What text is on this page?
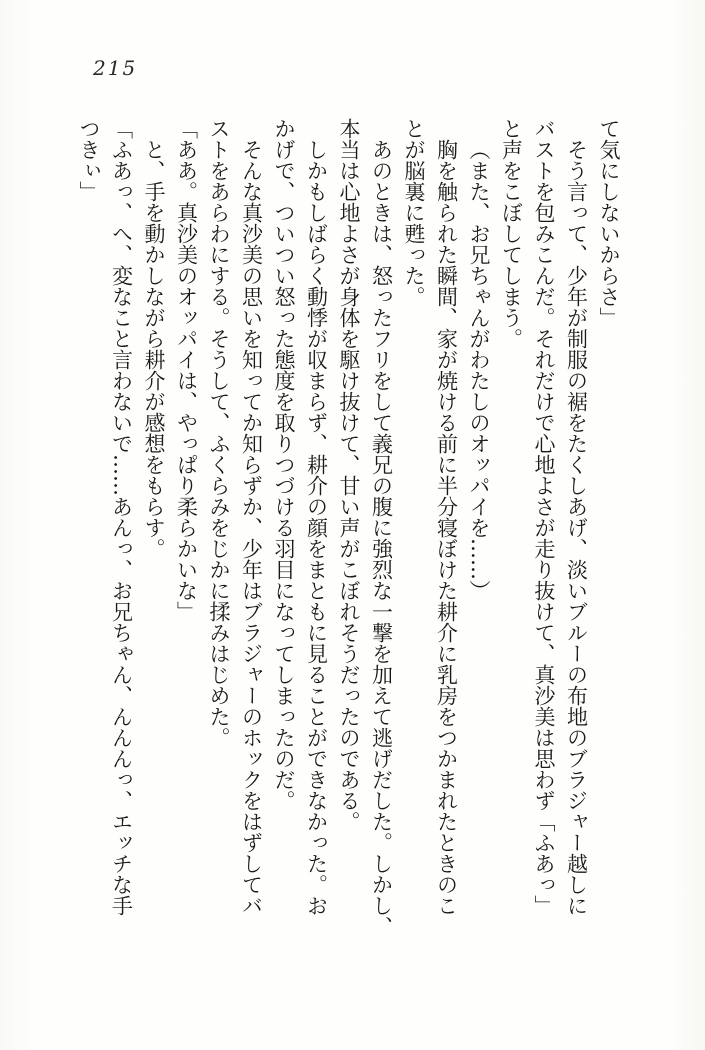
215

て気にしないからさ」

そう言って、少年が制服の裾をたくしあげ、淡いブルーの布地のブラジャー越しに

バストを包みこんだ。それだけで心地よさが走り抜けて、真沙美は思わず「ふあっ」

と声をこぼしてしまう。

（また、お兄ちゃんがわたしのオッパイを……）

胸を触られた瞬間、家が焼ける前に半分寝ぼけた耕介に乳房をつかまれたときのこ

とが脳裏に甦った。

あのときは、怒ったフリをして義兄の腹に強烈な一撃を加えて逃げだした。しかし、

本当は心地よさが身体を駆け抜けて、甘い声がこぼれそうだったのである。

しかもしばらく動悸が収まらず、耕介の顔をまともに見ることができなかった。お

かげで、ついつい怒った態度を取りつづける羽目になってしまったのだ。

そんな真沙美の思いを知ってか知らずか、少年はブラジャーのホックをはずしてバ

ストをあらわにする。そうして、ふくらみをじかに揉みはじめた。

「ああ。真沙美のオッパイは、やっぱり柔らかいな」

と、手を動かしながら耕介が感想をもらす。

「ふあっ、へ、変なこと言わないで……あんっ、お兄ちゃん、んんんっ、エッチな手

つきぃ」
